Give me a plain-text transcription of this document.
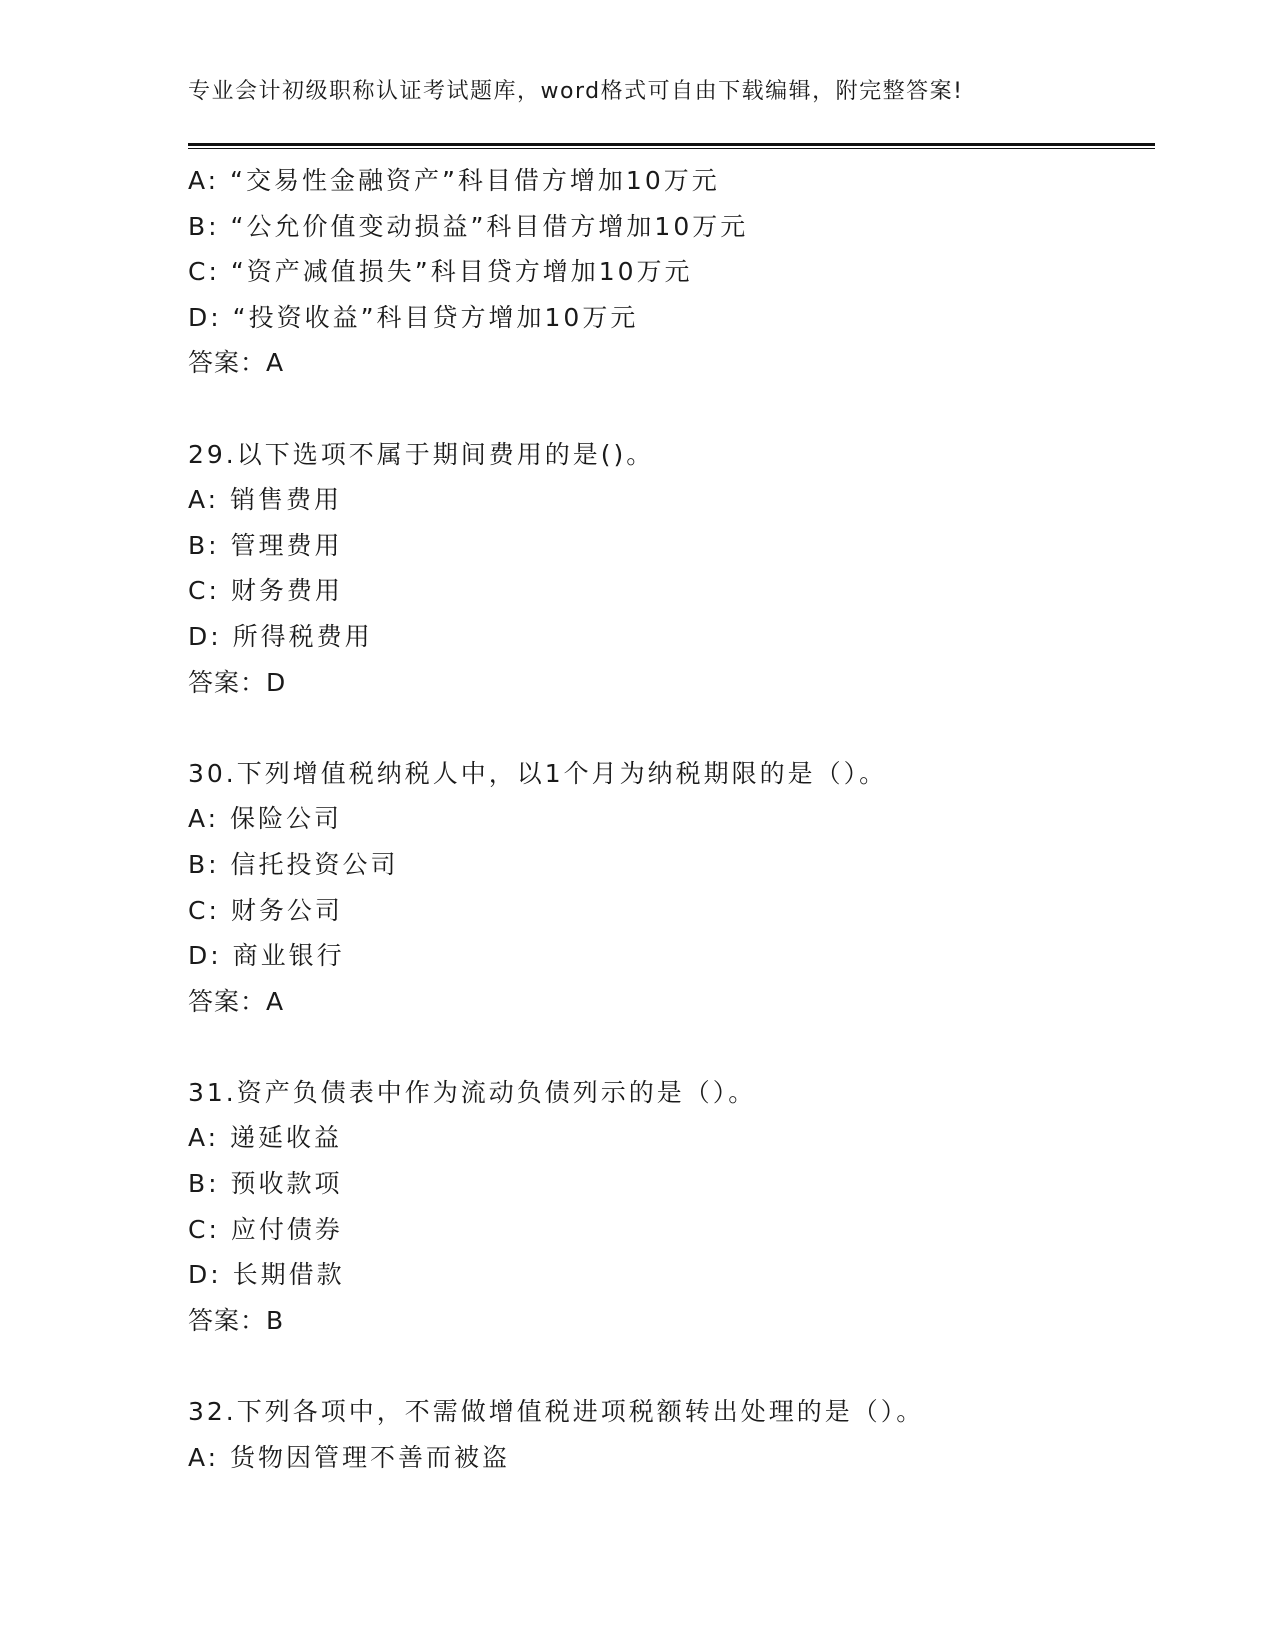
专业会计初级职称认证考试题库，word格式可自由下载编辑，附完整答案!
A: “交易性金融资产”科目借方增加10万元
B: “公允价值变动损益”科目借方增加10万元
C: “资产减值损失”科目贷方增加10万元
D: “投资收益”科目贷方增加10万元
答案：A
29.以下选项不属于期间费用的是()。
A: 销售费用
B: 管理费用
C: 财务费用
D: 所得税费用
答案：D
30.下列增值税纳税人中，以1个月为纳税期限的是（）。
A: 保险公司
B: 信托投资公司
C: 财务公司
D: 商业银行
答案：A
31.资产负债表中作为流动负债列示的是（）。
A: 递延收益
B: 预收款项
C: 应付债券
D: 长期借款
答案：B
32.下列各项中，不需做增值税进项税额转出处理的是（）。
A: 货物因管理不善而被盗
